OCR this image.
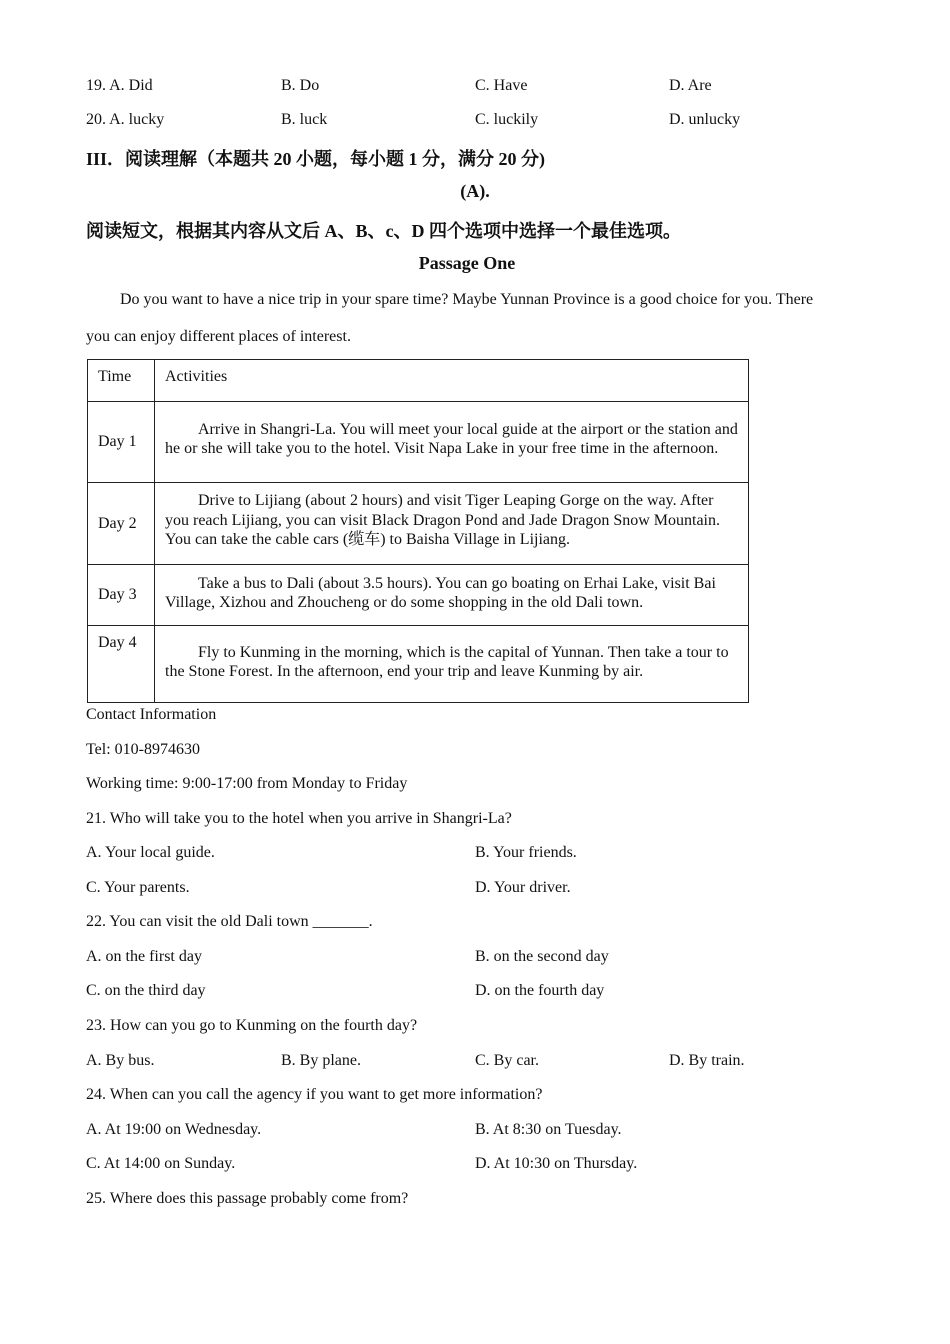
19. A. Did	B. Do	C. Have	D. Are
20. A. lucky	B. luck	C. luckily	D. unlucky
III．阅读理解（本题共 20 小题，每小题 1 分，满分 20 分)
(A).
阅读短文，根据其内容从文后 A、B、c、D 四个选项中选择一个最佳选项。
Passage One
Do you want to have a nice trip in your spare time? Maybe Yunnan Province is a good choice for you. There
you can enjoy different places of interest.
Time	Activities
Day 1	Arrive in Shangri-La. You will meet your local guide at the airport or the station and he or she will take you to the hotel. Visit Napa Lake in your free time in the afternoon.
Day 2	Drive to Lijiang (about 2 hours) and visit Tiger Leaping Gorge on the way. After you reach Lijiang, you can visit Black Dragon Pond and Jade Dragon Snow Mountain. You can take the cable cars (缆车) to Baisha Village in Lijiang.
Day 3	Take a bus to Dali (about 3.5 hours). You can go boating on Erhai Lake, visit Bai Village, Xizhou and Zhoucheng or do some shopping in the old Dali town.
Day 4	Fly to Kunming in the morning, which is the capital of Yunnan. Then take a tour to the Stone Forest. In the afternoon, end your trip and leave Kunming by air.
Contact Information
Tel: 010-8974630
Working time: 9:00-17:00 from Monday to Friday
21. Who will take you to the hotel when you arrive in Shangri-La?
A. Your local guide.	B. Your friends.
C. Your parents.	D. Your driver.
22. You can visit the old Dali town _______.
A. on the first day	B. on the second day
C. on the third day	D. on the fourth day
23. How can you go to Kunming on the fourth day?
A. By bus.	B. By plane.	C. By car.	D. By train.
24. When can you call the agency if you want to get more information?
A. At 19:00 on Wednesday.	B. At 8:30 on Tuesday.
C. At 14:00 on Sunday.	D. At 10:30 on Thursday.
25. Where does this passage probably come from?
